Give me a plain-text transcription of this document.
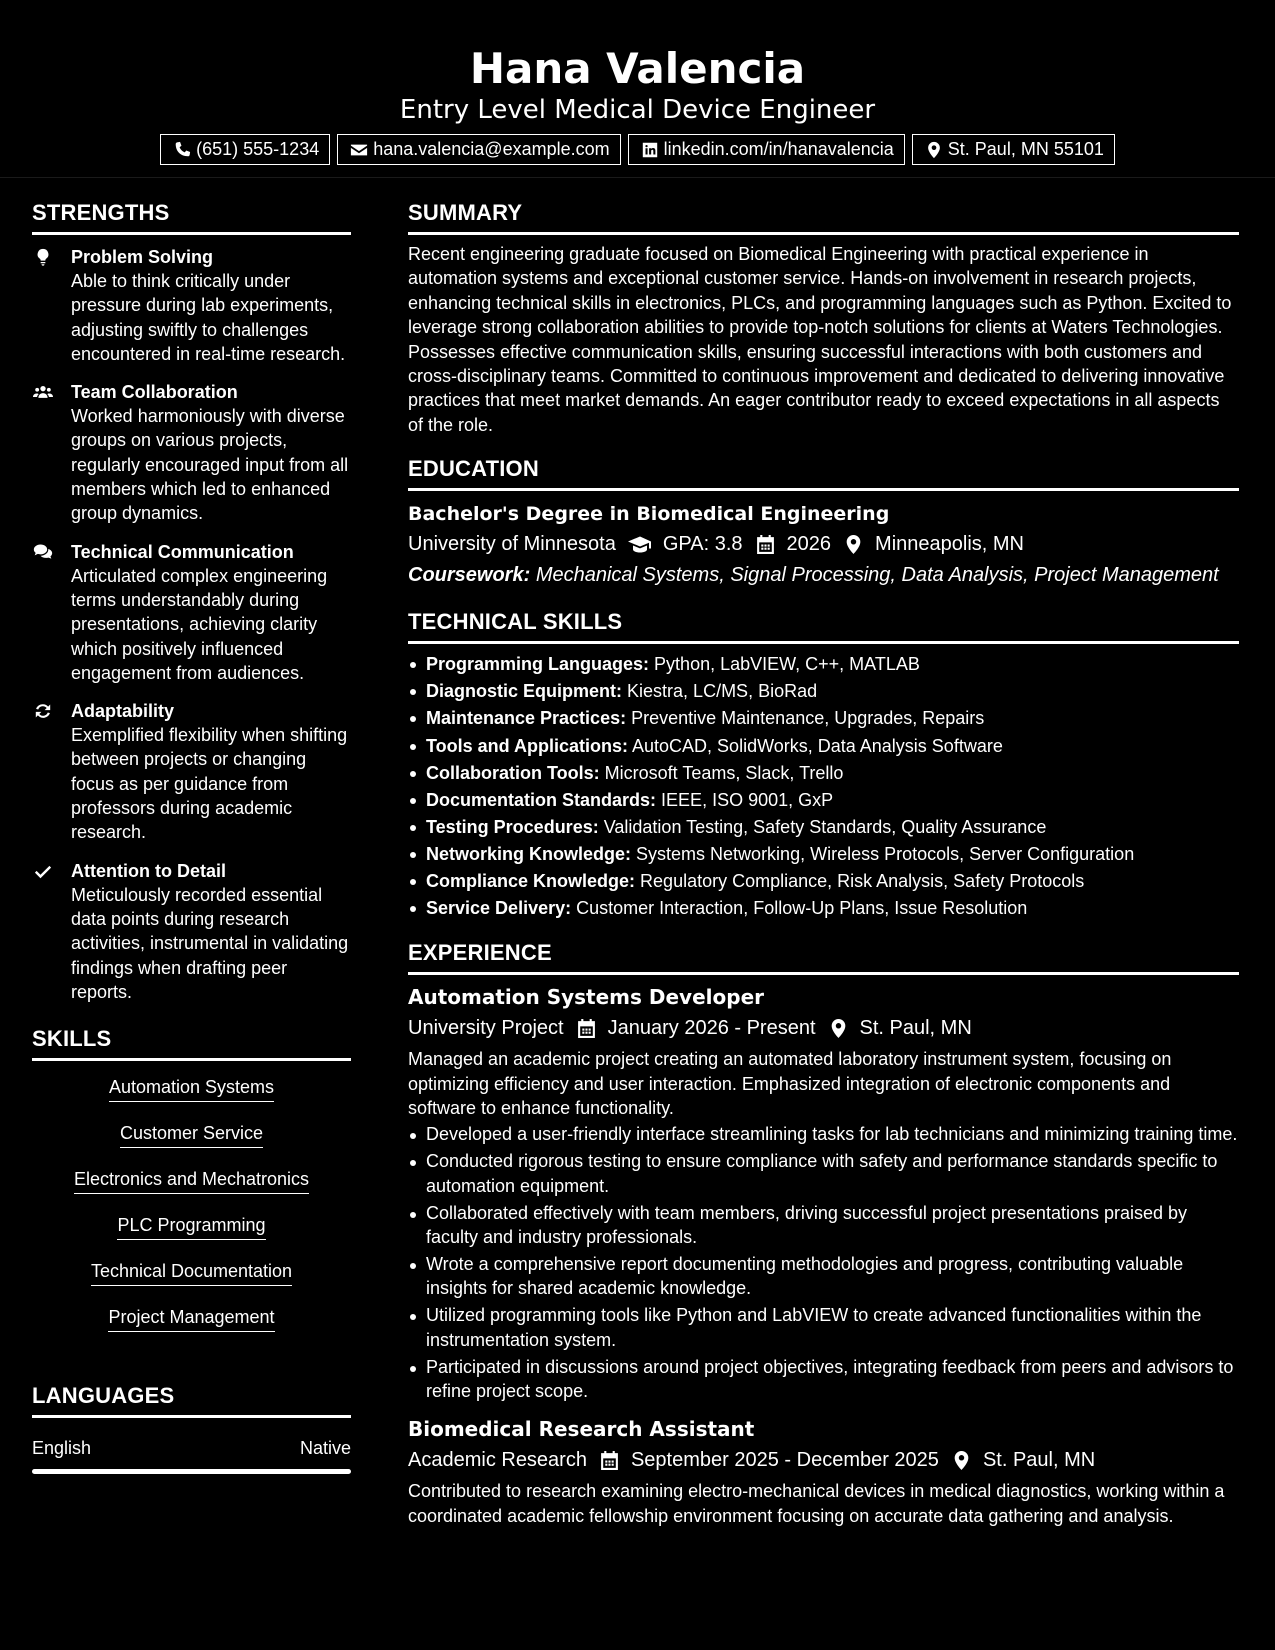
Hana Valencia
Entry Level Medical Device Engineer
(651) 555-1234	hana.valencia@example.com	linkedin.com/in/hanavalencia	St. Paul, MN 55101
STRENGTHS
Problem Solving
Able to think critically under pressure during lab experiments, adjusting swiftly to challenges encountered in real-time research.
Team Collaboration
Worked harmoniously with diverse groups on various projects, regularly encouraged input from all members which led to enhanced group dynamics.
Technical Communication
Articulated complex engineering terms understandably during presentations, achieving clarity which positively influenced engagement from audiences.
Adaptability
Exemplified flexibility when shifting between projects or changing focus as per guidance from professors during academic research.
Attention to Detail
Meticulously recorded essential data points during research activities, instrumental in validating findings when drafting peer reports.
SKILLS
Automation Systems
Customer Service
Electronics and Mechatronics
PLC Programming
Technical Documentation
Project Management
LANGUAGES
English	Native
SUMMARY

Recent engineering graduate focused on Biomedical Engineering with practical experience in automation systems and exceptional customer service. Hands-on involvement in research projects, enhancing technical skills in electronics, PLCs, and programming languages such as Python. Excited to leverage strong collaboration abilities to provide top-notch solutions for clients at Waters Technologies. Possesses effective communication skills, ensuring successful interactions with both customers and cross-disciplinary teams. Committed to continuous improvement and dedicated to delivering innovative practices that meet market demands. An eager contributor ready to exceed expectations in all aspects of the role.

EDUCATION
Bachelor's Degree in Biomedical Engineering
University of Minnesota GPA: 3.8 2026 Minneapolis, MN
Coursework: Mechanical Systems, Signal Processing, Data Analysis, Project Management
TECHNICAL SKILLS
Programming Languages: Python, LabVIEW, C++, MATLAB
Diagnostic Equipment: Kiestra, LC/MS, BioRad
Maintenance Practices: Preventive Maintenance, Upgrades, Repairs
Tools and Applications: AutoCAD, SolidWorks, Data Analysis Software
Collaboration Tools: Microsoft Teams, Slack, Trello
Documentation Standards: IEEE, ISO 9001, GxP
Testing Procedures: Validation Testing, Safety Standards, Quality Assurance
Networking Knowledge: Systems Networking, Wireless Protocols, Server Configuration
Compliance Knowledge: Regulatory Compliance, Risk Analysis, Safety Protocols
Service Delivery: Customer Interaction, Follow-Up Plans, Issue Resolution
EXPERIENCE
Automation Systems Developer
University Project January 2026 - Present St. Paul, MN

Managed an academic project creating an automated laboratory instrument system, focusing on optimizing efficiency and user interaction. Emphasized integration of electronic components and software to enhance functionality.

Developed a user-friendly interface streamlining tasks for lab technicians and minimizing training time.
Conducted rigorous testing to ensure compliance with safety and performance standards specific to automation equipment.
Collaborated effectively with team members, driving successful project presentations praised by faculty and industry professionals.
Wrote a comprehensive report documenting methodologies and progress, contributing valuable insights for shared academic knowledge.
Utilized programming tools like Python and LabVIEW to create advanced functionalities within the instrumentation system.
Participated in discussions around project objectives, integrating feedback from peers and advisors to refine project scope.
Biomedical Research Assistant
Academic Research September 2025 - December 2025 St. Paul, MN

Contributed to research examining electro-mechanical devices in medical diagnostics, working within a coordinated academic fellowship environment focusing on accurate data gathering and analysis.
